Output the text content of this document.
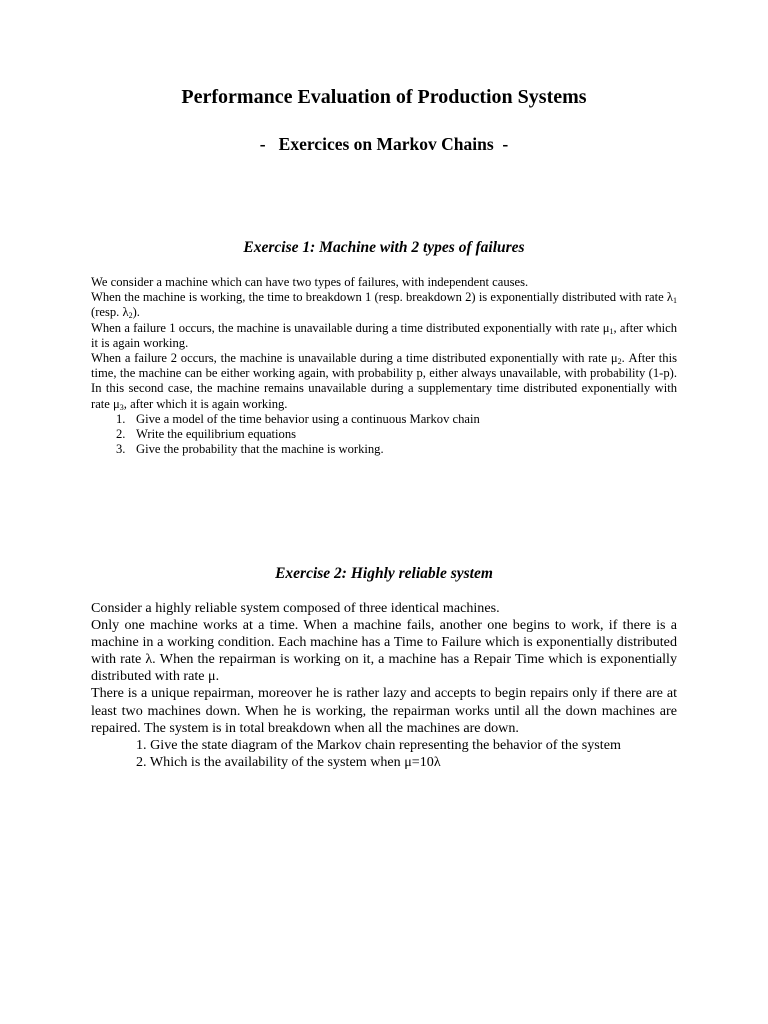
Performance Evaluation of Production Systems
-   Exercices on Markov Chains  -
Exercise 1: Machine with 2 types of failures

We consider a machine which can have two types of failures, with independent causes.

When the machine is working, the time to breakdown 1 (resp. breakdown 2) is exponentially distributed with rate $\lambda_1$ (resp. $\lambda_2$).

When a failure 1 occurs, the machine is unavailable during a time distributed exponentially with rate $\mu_1$, after which it is again working.

When a failure 2 occurs, the machine is unavailable during a time distributed exponentially with rate $\mu_2$. After this time, the machine can be either working again, with probability p, either always unavailable, with probability (1-p). In this second case, the machine remains unavailable during a supplementary time distributed exponentially with rate $\mu_3$, after which it is again working.

1. Give a model of the time behavior using a continuous Markov chain
2. Write the equilibrium equations
3. Give the probability that the machine is working.
Exercise 2: Highly reliable system

Consider a highly reliable system composed of three identical machines.

Only one machine works at a time. When a machine fails, another one begins to work, if there is a machine in a working condition. Each machine has a Time to Failure which is exponentially distributed with rate λ. When the repairman is working on it, a machine has a Repair Time which is exponentially distributed with rate μ.

There is a unique repairman, moreover he is rather lazy and accepts to begin repairs only if there are at least two machines down. When he is working, the repairman works until all the down machines are repaired. The system is in total breakdown when all the machines are down.

1. Give the state diagram of the Markov chain representing the behavior of the system
2. Which is the availability of the system when μ=10λ
